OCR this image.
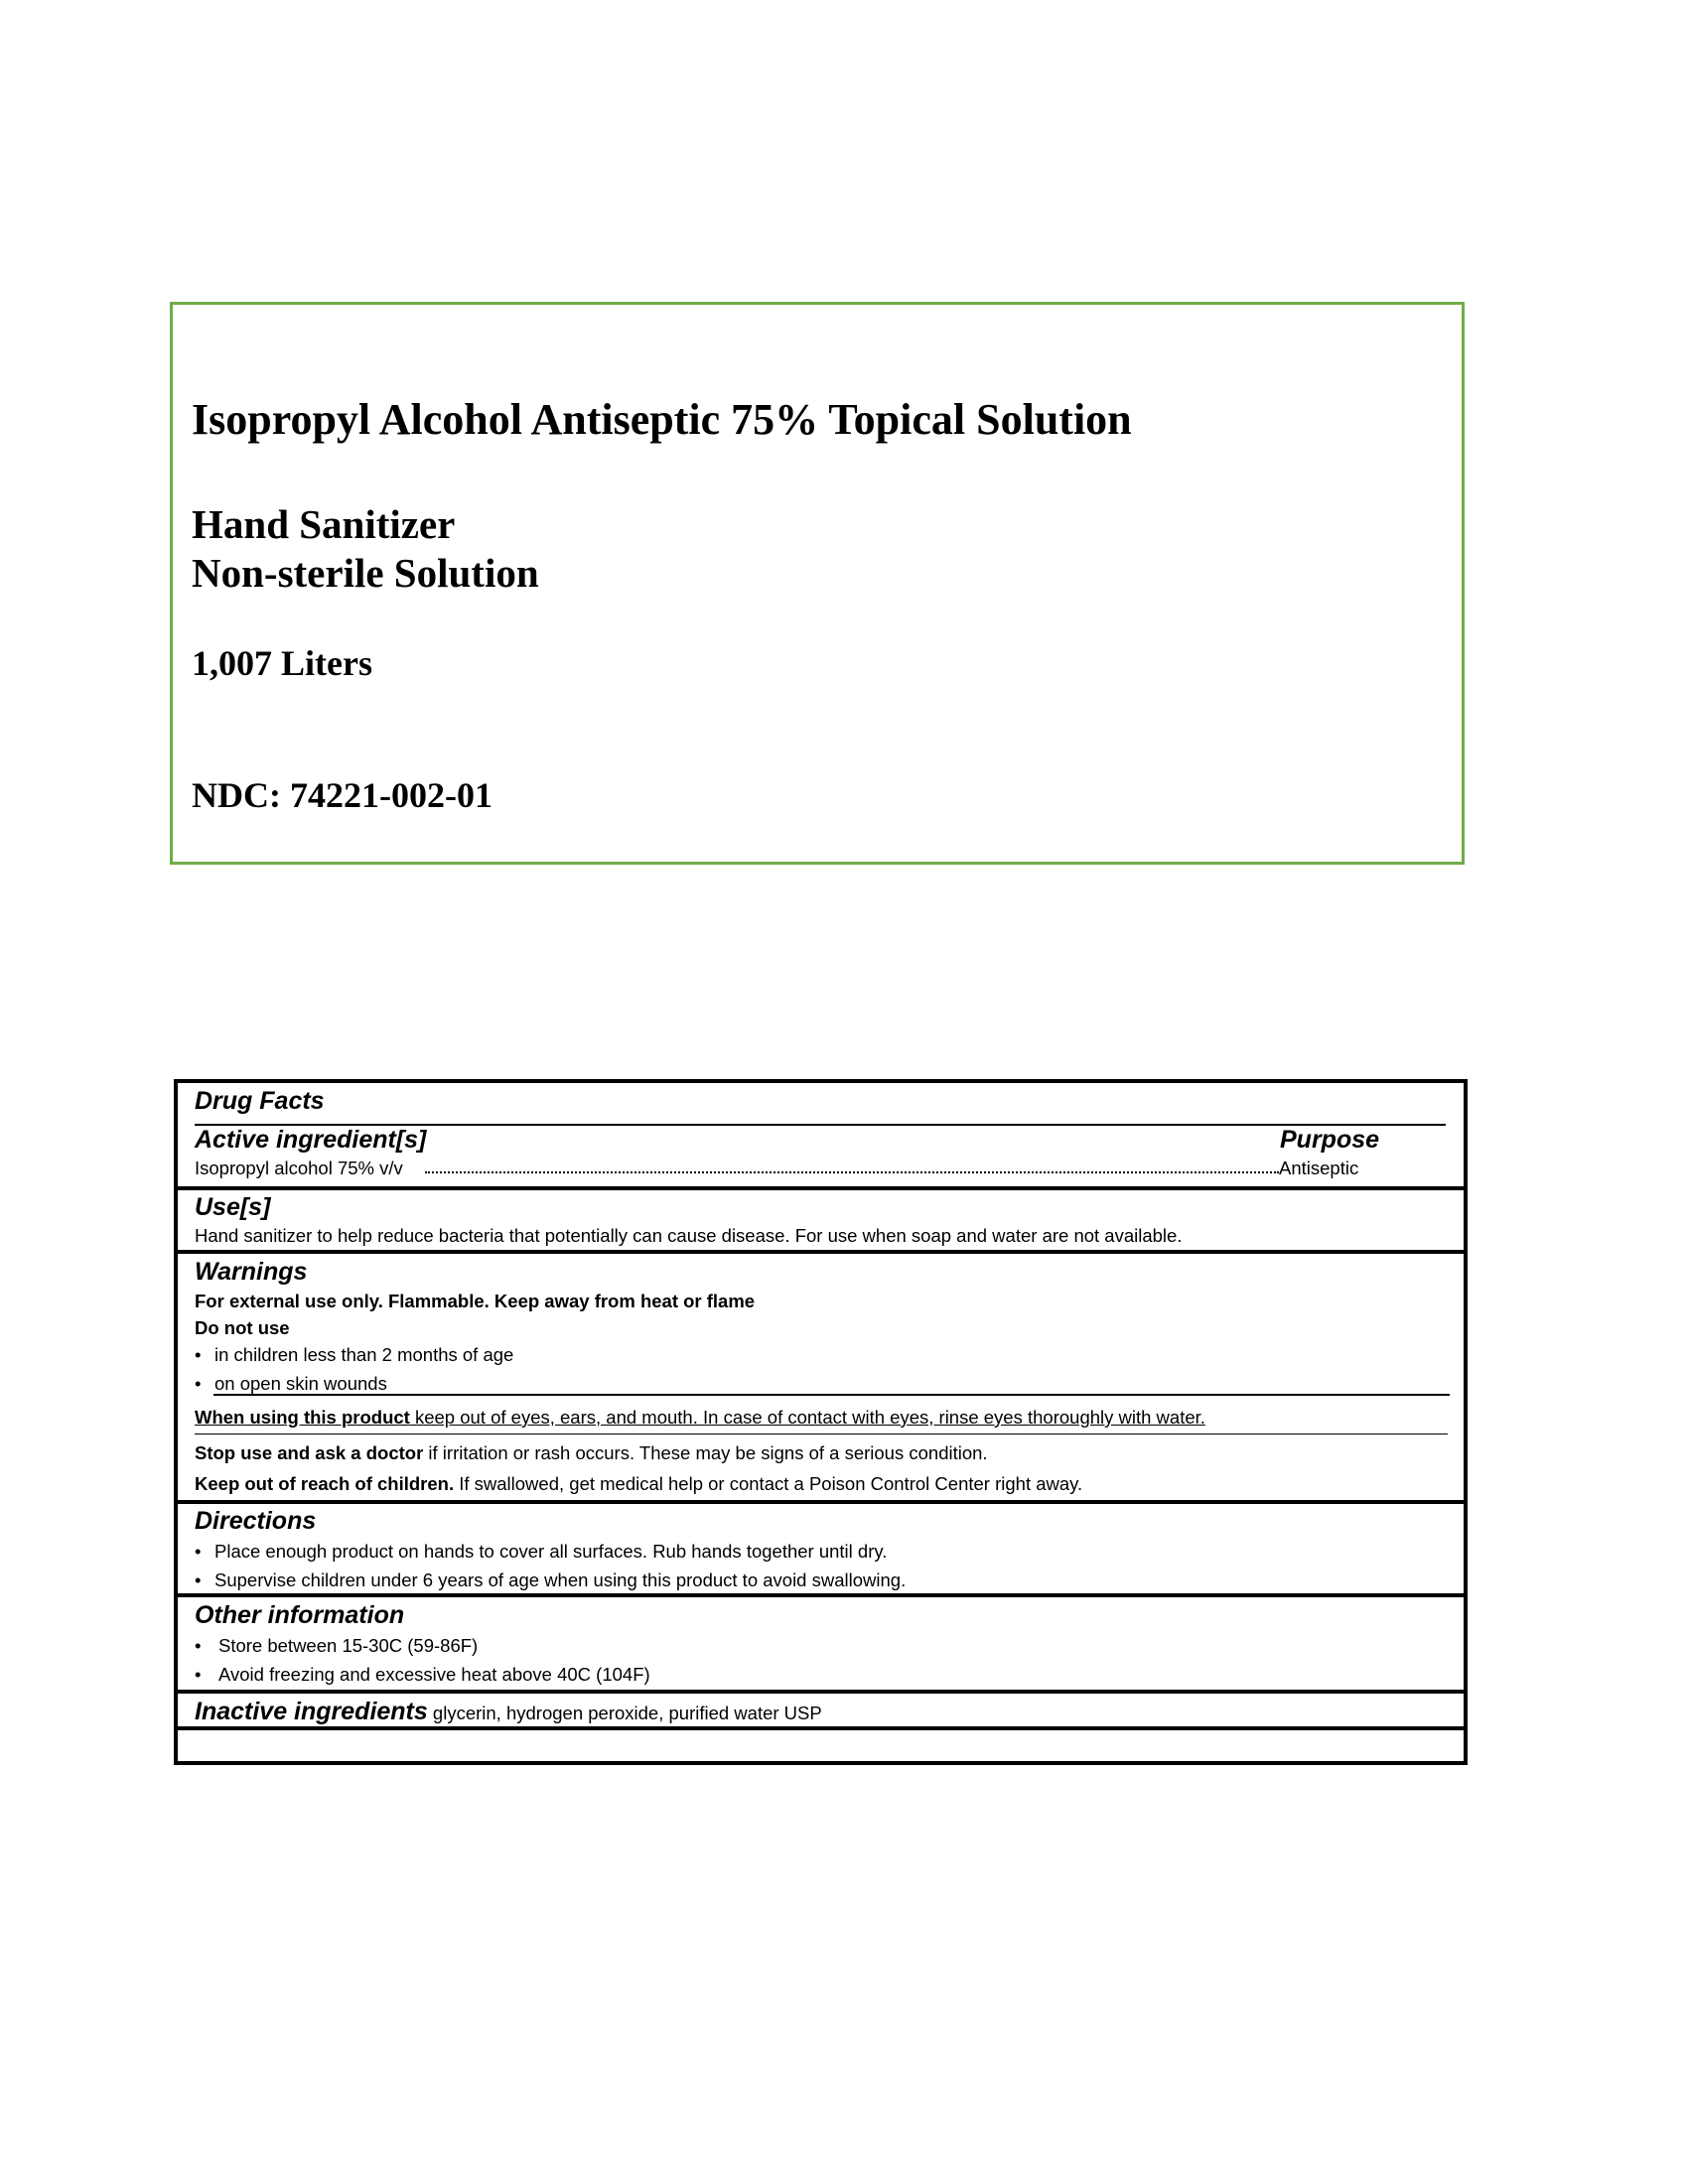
Isopropyl Alcohol Antiseptic 75% Topical Solution
Hand Sanitizer
Non-sterile Solution
1,007 Liters
NDC: 74221-002-01
Drug Facts
Active ingredient[s]	Purpose
Isopropyl alcohol 75% v/v	Antiseptic
Use[s]
Hand sanitizer to help reduce bacteria that potentially can cause disease. For use when soap and water are not available.
Warnings
For external use only. Flammable. Keep away from heat or flame
Do not use
• in children less than 2 months of age
• on open skin wounds
When using this product keep out of eyes, ears, and mouth. In case of contact with eyes, rinse eyes thoroughly with water.
Stop use and ask a doctor if irritation or rash occurs. These may be signs of a serious condition.
Keep out of reach of children. If swallowed, get medical help or contact a Poison Control Center right away.
Directions
• Place enough product on hands to cover all surfaces. Rub hands together until dry.
• Supervise children under 6 years of age when using this product to avoid swallowing.
Other information
• Store between 15-30C (59-86F)
• Avoid freezing and excessive heat above 40C (104F)
Inactive ingredients glycerin, hydrogen peroxide, purified water USP
